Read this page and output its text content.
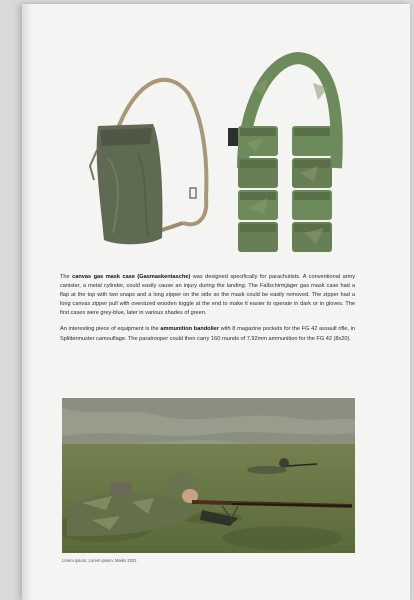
The canvas gas mask case (Gasmaskentasche) was designed specifically for parachutists. A conventional army canister, a metal cylinder, could easily cause an injury during the landing. The Fallschirmjäger gas mask case had a flap at the top with two snaps and a long zipper on the side so the mask could be easily removed. The zipper had a long canvas zipper pull with oversized wooden toggle at the end to make it easier to operate in dark or in gloves. The first cases were grey-blue, later in various shades of green.

An interesting piece of equipment is the ammunition bandolier with 8 magazine pockets for the FG 42 assault rifle, in Splittermuster camouflage. The paratrooper could then carry 160 rounds of 7.92mm ammunition for the FG 42 (8x20).

Lorem ipsum, Lorem ipsum, Maiko 2021
